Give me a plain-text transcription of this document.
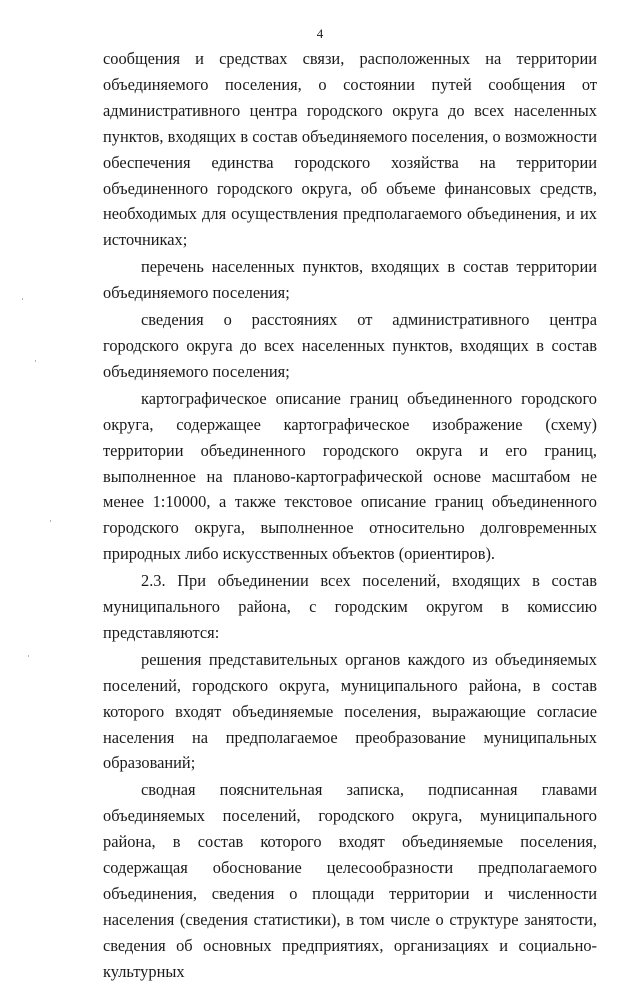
4

сообщения и средствах связи, расположенных на территории объединяемого поселения, о состоянии путей сообщения от административного центра городского округа до всех населенных пунктов, входящих в состав объединяемого поселения, о возможности обеспечения единства городского хозяйства на территории объединенного городского округа, об объеме финансовых средств, необходимых для осуществления предполагаемого объединения, и их источниках;

перечень населенных пунктов, входящих в состав территории объединяемого поселения;

сведения о расстояниях от административного центра городского округа до всех населенных пунктов, входящих в состав объединяемого поселения;

картографическое описание границ объединенного городского округа, содержащее картографическое изображение (схему) территории объединенного городского округа и его границ, выполненное на планово-картографической основе масштабом не менее 1:10000, а также текстовое описание границ объединенного городского округа, выполненное относительно долговременных природных либо искусственных объектов (ориентиров).

2.3. При объединении всех поселений, входящих в состав муниципального района, с городским округом в комиссию представляются:

решения представительных органов каждого из объединяемых поселений, городского округа, муниципального района, в состав которого входят объединяемые поселения, выражающие согласие населения на предполагаемое преобразование муниципальных образований;

сводная пояснительная записка, подписанная главами объединяемых поселений, городского округа, муниципального района, в состав которого входят объединяемые поселения, содержащая обоснование целесообразности предполагаемого объединения, сведения о площади территории и численности населения (сведения статистики), в том числе о структуре занятости, сведения об основных предприятиях, организациях и социально-культурных
